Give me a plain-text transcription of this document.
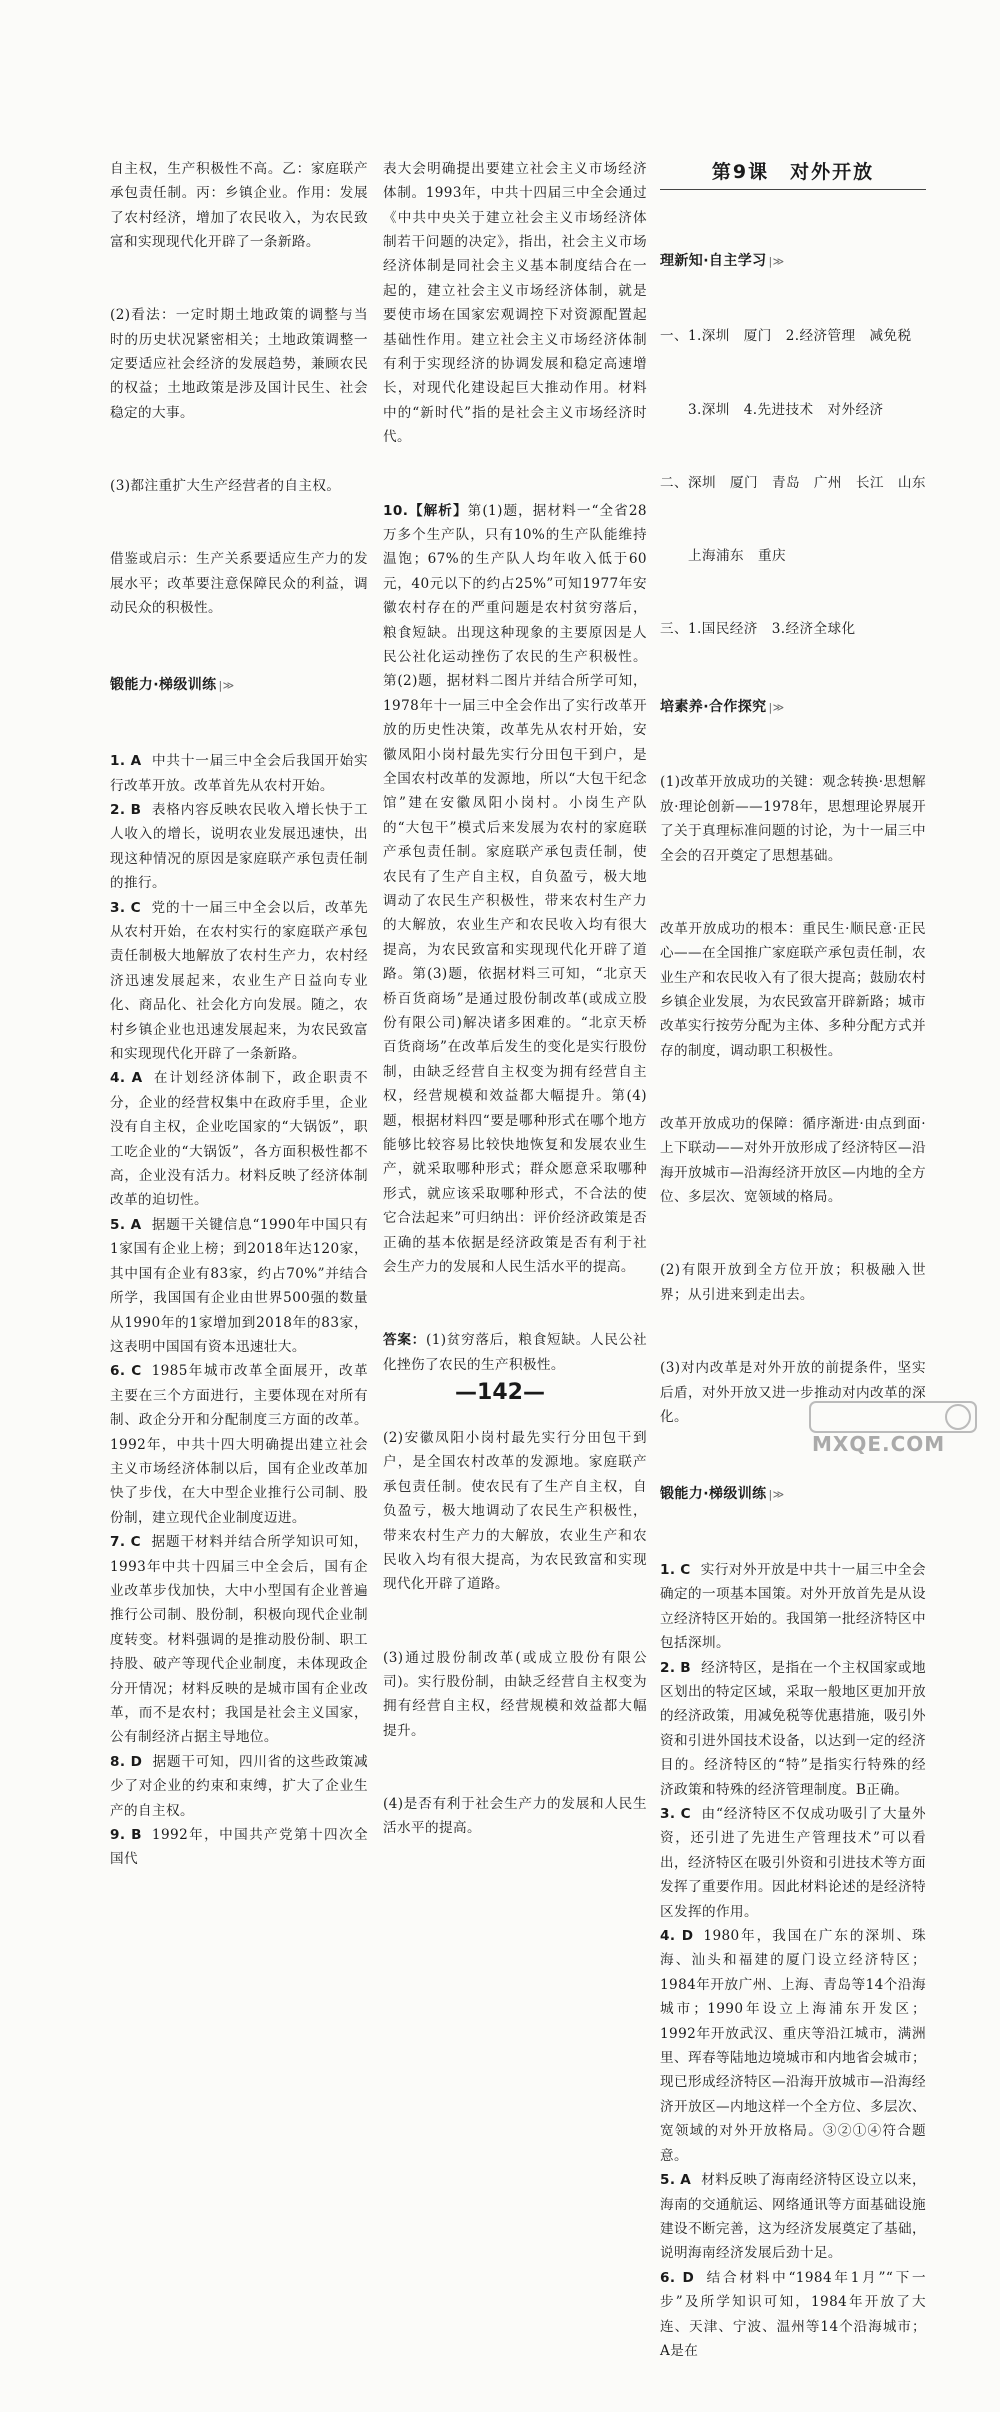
自主权，生产积极性不高。乙：家庭联产承包责任制。丙：乡镇企业。作用：发展了农村经济，增加了农民收入，为农民致富和实现现代化开辟了一条新路。

(2)看法：一定时期土地政策的调整与当时的历史状况紧密相关；土地政策调整一定要适应社会经济的发展趋势，兼顾农民的权益；土地政策是涉及国计民生、社会稳定的大事。

(3)都注重扩大生产经营者的自主权。

借鉴或启示：生产关系要适应生产力的发展水平；改革要注意保障民众的利益，调动民众的积极性。

锻能力·梯级训练 |≫

1. A 中共十一届三中全会后我国开始实行改革开放。改革首先从农村开始。
2. B 表格内容反映农民收入增长快于工人收入的增长，说明农业发展迅速快，出现这种情况的原因是家庭联产承包责任制的推行。
3. C 党的十一届三中全会以后，改革先从农村开始，在农村实行的家庭联产承包责任制极大地解放了农村生产力，农村经济迅速发展起来，农业生产日益向专业化、商品化、社会化方向发展。随之，农村乡镇企业也迅速发展起来，为农民致富和实现现代化开辟了一条新路。
4. A 在计划经济体制下，政企职责不分，企业的经营权集中在政府手里，企业没有自主权，企业吃国家的“大锅饭”，职工吃企业的“大锅饭”，各方面积极性都不高，企业没有活力。材料反映了经济体制改革的迫切性。
5. A 据题干关键信息“1990年中国只有1家国有企业上榜；到2018年达120家，其中国有企业有83家，约占70%”并结合所学，我国国有企业由世界500强的数量从1990年的1家增加到2018年的83家，这表明中国国有资本迅速壮大。
6. C 1985年城市改革全面展开，改革主要在三个方面进行，主要体现在对所有制、政企分开和分配制度三方面的改革。1992年，中共十四大明确提出建立社会主义市场经济体制以后，国有企业改革加快了步伐，在大中型企业推行公司制、股份制，建立现代企业制度迈进。
7. C 据题干材料并结合所学知识可知，1993年中共十四届三中全会后，国有企业改革步伐加快，大中小型国有企业普遍推行公司制、股份制，积极向现代企业制度转变。材料强调的是推动股份制、职工持股、破产等现代企业制度，未体现政企分开情况；材料反映的是城市国有企业改革，而不是农村；我国是社会主义国家，公有制经济占据主导地位。
8. D 据题干可知，四川省的这些政策减少了对企业的约束和束缚，扩大了企业生产的自主权。
9. B 1992年，中国共产党第十四次全国代

表大会明确提出要建立社会主义市场经济体制。1993年，中共十四届三中全会通过《中共中央关于建立社会主义市场经济体制若干问题的决定》，指出，社会主义市场经济体制是同社会主义基本制度结合在一起的，建立社会主义市场经济体制，就是要使市场在国家宏观调控下对资源配置起基础性作用。建立社会主义市场经济体制有利于实现经济的协调发展和稳定高速增长，对现代化建设起巨大推动作用。材料中的“新时代”指的是社会主义市场经济时代。

10.【解析】第(1)题，据材料一“全省28万多个生产队，只有10%的生产队能维持温饱；67%的生产队人均年收入低于60元，40元以下的约占25%”可知1977年安徽农村存在的严重问题是农村贫穷落后，粮食短缺。出现这种现象的主要原因是人民公社化运动挫伤了农民的生产积极性。第(2)题，据材料二图片并结合所学可知，1978年十一届三中全会作出了实行改革开放的历史性决策，改革先从农村开始，安徽凤阳小岗村最先实行分田包干到户，是全国农村改革的发源地，所以“大包干纪念馆”建在安徽凤阳小岗村。小岗生产队的“大包干”模式后来发展为农村的家庭联产承包责任制。家庭联产承包责任制，使农民有了生产自主权，自负盈亏，极大地调动了农民生产积极性，带来农村生产力的大解放，农业生产和农民收入均有很大提高，为农民致富和实现现代化开辟了道路。第(3)题，依据材料三可知，“北京天桥百货商场”是通过股份制改革(或成立股份有限公司)解决诸多困难的。“北京天桥百货商场”在改革后发生的变化是实行股份制，由缺乏经营自主权变为拥有经营自主权，经营规模和效益都大幅提升。第(4)题，根据材料四“要是哪种形式在哪个地方能够比较容易比较快地恢复和发展农业生产，就采取哪种形式；群众愿意采取哪种形式，就应该采取哪种形式，不合法的使它合法起来”可归纳出：评价经济政策是否正确的基本依据是经济政策是否有利于社会生产力的发展和人民生活水平的提高。

答案：(1)贫穷落后，粮食短缺。人民公社化挫伤了农民的生产积极性。

(2)安徽凤阳小岗村最先实行分田包干到户，是全国农村改革的发源地。家庭联产承包责任制。使农民有了生产自主权，自负盈亏，极大地调动了农民生产积极性，带来农村生产力的大解放，农业生产和农民收入均有很大提高，为农民致富和实现现代化开辟了道路。

(3)通过股份制改革(或成立股份有限公司)。实行股份制，由缺乏经营自主权变为拥有经营自主权，经营规模和效益都大幅提升。

(4)是否有利于社会生产力的发展和人民生活水平的提高。

第9课　对外开放

理新知·自主学习 |≫

一、1.深圳　厦门　2.经济管理　减免税

　　3.深圳　4.先进技术　对外经济

二、深圳　厦门　青岛　广州　长江　山东

　　上海浦东　重庆

三、1.国民经济　3.经济全球化

培素养·合作探究 |≫

(1)改革开放成功的关键：观念转换·思想解放·理论创新——1978年，思想理论界展开了关于真理标准问题的讨论，为十一届三中全会的召开奠定了思想基础。

改革开放成功的根本：重民生·顺民意·正民心——在全国推广家庭联产承包责任制，农业生产和农民收入有了很大提高；鼓励农村乡镇企业发展，为农民致富开辟新路；城市改革实行按劳分配为主体、多种分配方式并存的制度，调动职工积极性。

改革开放成功的保障：循序渐进·由点到面·上下联动——对外开放形成了经济特区—沿海开放城市—沿海经济开放区—内地的全方位、多层次、宽领域的格局。

(2)有限开放到全方位开放；积极融入世界；从引进来到走出去。

(3)对内改革是对外开放的前提条件，坚实后盾，对外开放又进一步推动对内改革的深化。

锻能力·梯级训练 |≫

1. C 实行对外开放是中共十一届三中全会确定的一项基本国策。对外开放首先是从设立经济特区开始的。我国第一批经济特区中包括深圳。
2. B 经济特区，是指在一个主权国家或地区划出的特定区域，采取一般地区更加开放的经济政策，用减免税等优惠措施，吸引外资和引进外国技术设备，以达到一定的经济目的。经济特区的“特”是指实行特殊的经济政策和特殊的经济管理制度。B正确。
3. C 由“经济特区不仅成功吸引了大量外资，还引进了先进生产管理技术”可以看出，经济特区在吸引外资和引进技术等方面发挥了重要作用。因此材料论述的是经济特区发挥的作用。
4. D 1980年，我国在广东的深圳、珠海、汕头和福建的厦门设立经济特区；1984年开放广州、上海、青岛等14个沿海城市；1990年设立上海浦东开发区；1992年开放武汉、重庆等沿江城市，满洲里、珲春等陆地边境城市和内地省会城市；现已形成经济特区—沿海开放城市—沿海经济开放区—内地这样一个全方位、多层次、宽领域的对外开放格局。③②①④符合题意。
5. A 材料反映了海南经济特区设立以来，海南的交通航运、网络通讯等方面基础设施建设不断完善，这为经济发展奠定了基础，说明海南经济发展后劲十足。
6. D 结合材料中“1984年1月”“下一步”及所学知识可知，1984年开放了大连、天津、宁波、温州等14个沿海城市；A是在

—142—
MXQE.COM
